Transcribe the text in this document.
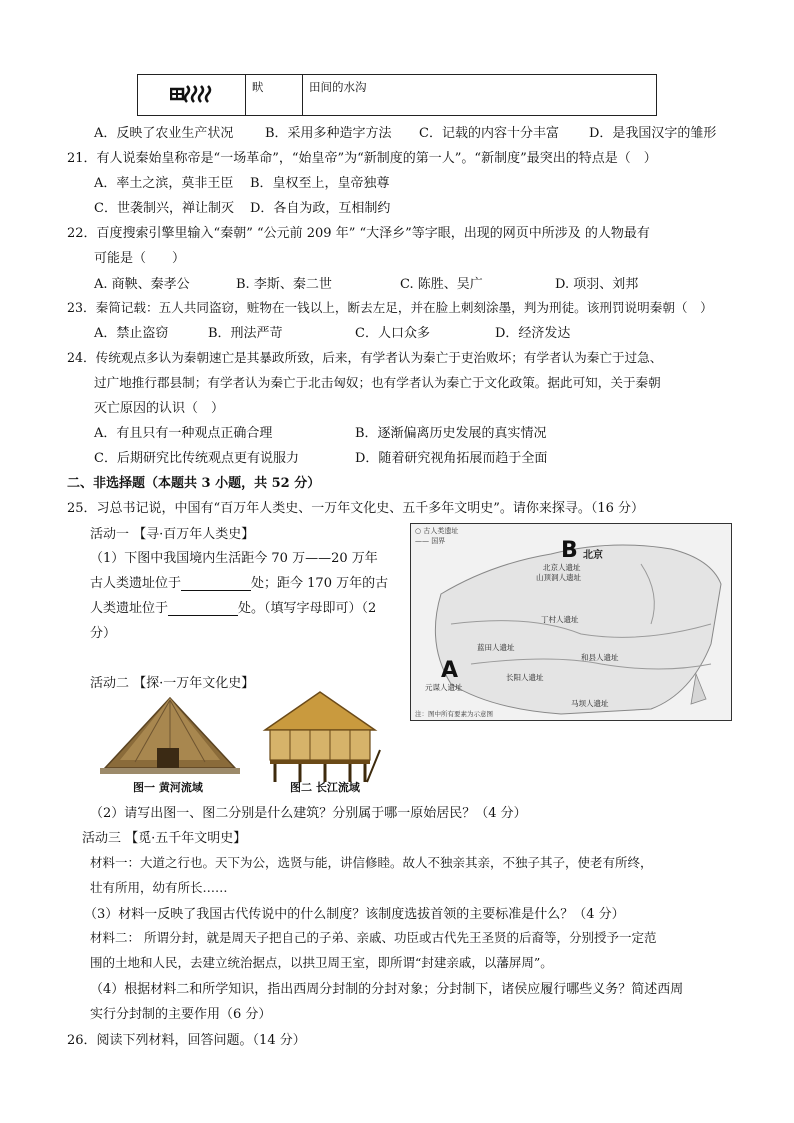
	畎	田间的水沟
A．反映了农业生产状况 B．采用多种造字方法 C．记载的内容十分丰富 D．是我国汉字的雏形
21．有人说秦始皇称帝是“一场革命”，“始皇帝”为“新制度的第一人”。“新制度”最突出的特点是（　）
A．率土之滨，莫非王臣 B．皇权至上，皇帝独尊
C．世袭制兴，禅让制灭 D．各自为政，互相制约
22．百度搜索引擎里输入“秦朝” “公元前 209 年” “大泽乡”等字眼，出现的网页中所涉及 的人物最有
可能是（　　）
A. 商鞅、秦孝公	B. 李斯、秦二世	C. 陈胜、吴广	D. 项羽、刘邦
23．秦简记载：五人共同盗窃，赃物在一钱以上，断去左足，并在脸上刺刻涂墨，判为刑徒。该刑罚说明秦朝（　）
A．禁止盗窃	B．刑法严苛	C．人口众多	D．经济发达
24．传统观点多认为秦朝速亡是其暴政所致，后来，有学者认为秦亡于吏治败坏；有学者认为秦亡于过急、
过广地推行郡县制；有学者认为秦亡于北击匈奴；也有学者认为秦亡于文化政策。据此可知，关于秦朝
灭亡原因的认识（　）
A．有且只有一种观点正确合理	B．逐渐偏离历史发展的真实情况
C．后期研究比传统观点更有说服力	D．随着研究视角拓展而趋于全面
二、非选择题（本题共 3 小题，共 52 分）
25．习总书记说，中国有“百万年人类史、一万年文化史、五千多年文明史”。请你来探寻。（16 分）
活动一 【寻·百万年人类史】
（1）下图中我国境内生活距今 70 万——20 万年
古人类遗址位于	处；距今 170 万年的古
人类遗址位于	处。（填写字母即可）（2
分）
○ 古人类遗址
—— 国界	B 北京
北京人遗址
山顶洞人遗址
丁村人遗址
蓝田人遗址
和县人遗址
长阳人遗址
A
元谋人遗址
马坝人遗址
注：图中所有要素为示意图
活动二 【探·一万年文化史】
图一 黄河流域	图二 长江流域
（2）请写出图一、图二分别是什么建筑？分别属于哪一原始居民？（4 分）
活动三 【觅·五千年文明史】
材料一：大道之行也。天下为公，选贤与能，讲信修睦。故人不独亲其亲，不独子其子，使老有所终，
壮有所用，幼有所长……
（3）材料一反映了我国古代传说中的什么制度？该制度选拔首领的主要标准是什么？（4 分）
材料二： 所谓分封，就是周天子把自己的子弟、亲戚、功臣或古代先王圣贤的后裔等，分别授予一定范
围的土地和人民，去建立统治据点，以拱卫周王室，即所谓“封建亲戚，以藩屏周”。
（4）根据材料二和所学知识，指出西周分封制的分封对象；分封制下，诸侯应履行哪些义务？简述西周
实行分封制的主要作用（6 分）
26．阅读下列材料，回答问题。（14 分）
